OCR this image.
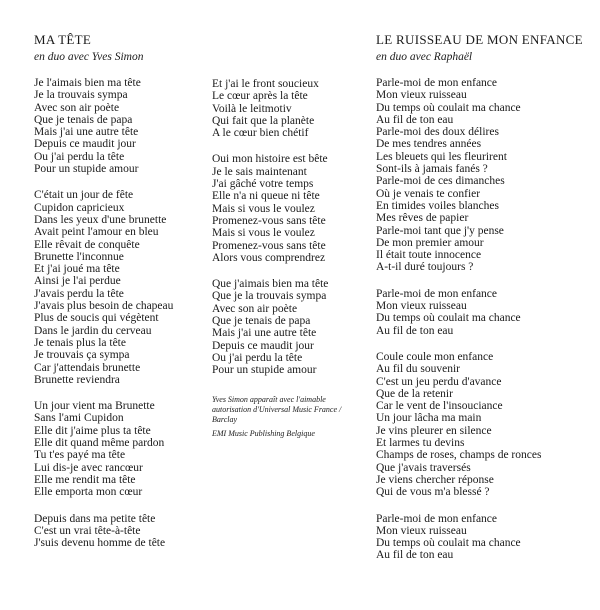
MA TÊTE
en duo avec Yves Simon
Je l'aimais bien ma tête
Je la trouvais sympa
Avec son air poète
Que je tenais de papa
Mais j'ai une autre tête
Depuis ce maudit jour
Ou j'ai perdu la tête
Pour un stupide amour
C'était un jour de fête
Cupidon capricieux
Dans les yeux d'une brunette
Avait peint l'amour en bleu
Elle rêvait de conquête
Brunette l'inconnue
Et j'ai joué ma tête
Ainsi je l'ai perdue
J'avais perdu la tête
J'avais plus besoin de chapeau
Plus de soucis qui végètent
Dans le jardin du cerveau
Je tenais plus la tête
Je trouvais ça sympa
Car j'attendais brunette
Brunette reviendra
Un jour vient ma Brunette
Sans l'ami Cupidon
Elle dit j'aime plus ta tête
Elle dit quand même pardon
Tu t'es payé ma tête
Lui dis-je avec rancœur
Elle me rendit ma tête
Elle emporta mon cœur
Depuis dans ma petite tête
C'est un vrai tête-à-tête
J'suis devenu homme de tête
Et j'ai le front soucieux
Le cœur après la tête
Voilà le leitmotiv
Qui fait que la planète
A le cœur bien chétif
Oui mon histoire est bête
Je le sais maintenant
J'ai gâché votre temps
Elle n'a ni queue ni tête
Mais si vous le voulez
Promenez-vous sans tête
Mais si vous le voulez
Promenez-vous sans tête
Alors vous comprendrez
Que j'aimais bien ma tête
Que je la trouvais sympa
Avec son air poète
Que je tenais de papa
Mais j'ai une autre tête
Depuis ce maudit jour
Ou j'ai perdu la tête
Pour un stupide amour
Yves Simon apparaît avec l'aimable
autorisation d'Universal Music France /
Barclay
EMI Music Publishing Belgique
LE RUISSEAU DE MON ENFANCE
en duo avec Raphaël
Parle-moi de mon enfance
Mon vieux ruisseau
Du temps où coulait ma chance
Au fil de ton eau
Parle-moi des doux délires
De mes tendres années
Les bleuets qui les fleurirent
Sont-ils à jamais fanés ?
Parle-moi de ces dimanches
Où je venais te confier
En timides voiles blanches
Mes rêves de papier
Parle-moi tant que j'y pense
De mon premier amour
Il était toute innocence
A-t-il duré toujours ?
Parle-moi de mon enfance
Mon vieux ruisseau
Du temps où coulait ma chance
Au fil de ton eau
Coule coule mon enfance
Au fil du souvenir
C'est un jeu perdu d'avance
Que de la retenir
Car le vent de l'insouciance
Un jour lâcha ma main
Je vins pleurer en silence
Et larmes tu devins
Champs de roses, champs de ronces
Que j'avais traversés
Je viens chercher réponse
Qui de vous m'a blessé ?
Parle-moi de mon enfance
Mon vieux ruisseau
Du temps où coulait ma chance
Au fil de ton eau
